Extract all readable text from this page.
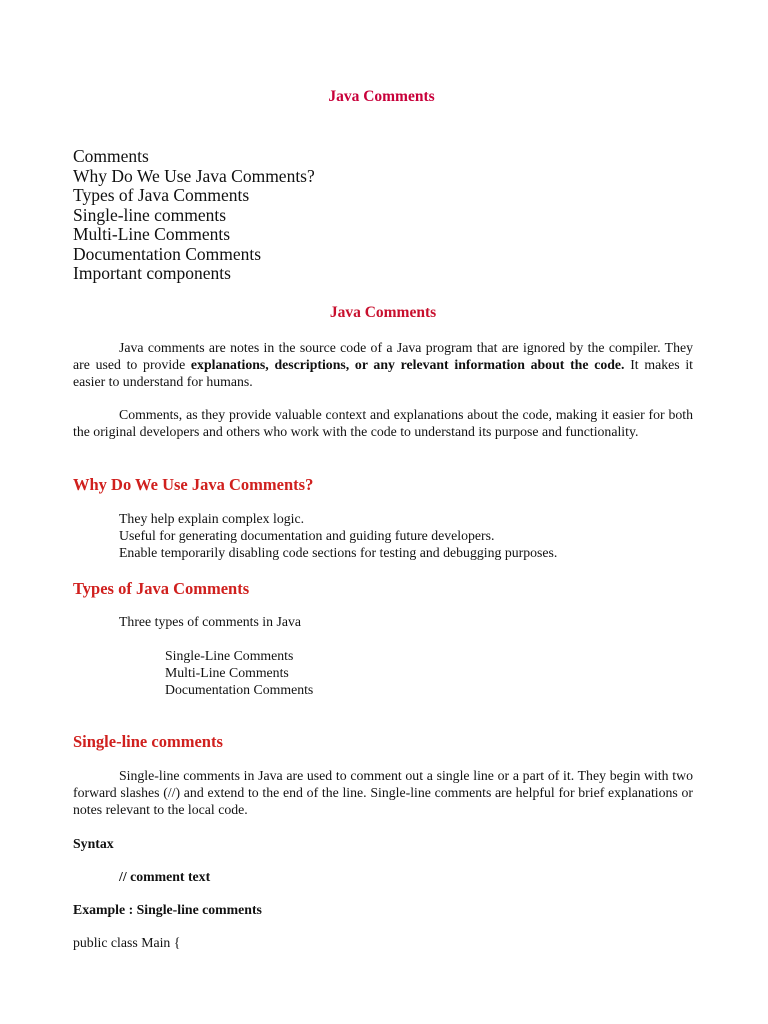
Java Comments
Comments
Why Do We Use Java Comments?
Types of Java Comments
Single-line comments
Multi-Line Comments
Documentation Comments
Important components
Java Comments

Java comments are notes in the source code of a Java program that are ignored by the compiler. They are used to provide explanations, descriptions, or any relevant information about the code. It makes it easier to understand for humans.

Comments, as they provide valuable context and explanations about the code, making it easier for both the original developers and others who work with the code to understand its purpose and functionality.

Why Do We Use Java Comments?
They help explain complex logic.
Useful for generating documentation and guiding future developers.
Enable temporarily disabling code sections for testing and debugging purposes.
Types of Java Comments

Three types of comments in Java

Single-Line Comments
Multi-Line Comments
Documentation Comments
Single-line comments

Single-line comments in Java are used to comment out a single line or a part of it. They begin with two forward slashes (//) and extend to the end of the line. Single-line comments are helpful for brief explanations or notes relevant to the local code.

Syntax

// comment text

Example : Single-line comments

public class Main {
